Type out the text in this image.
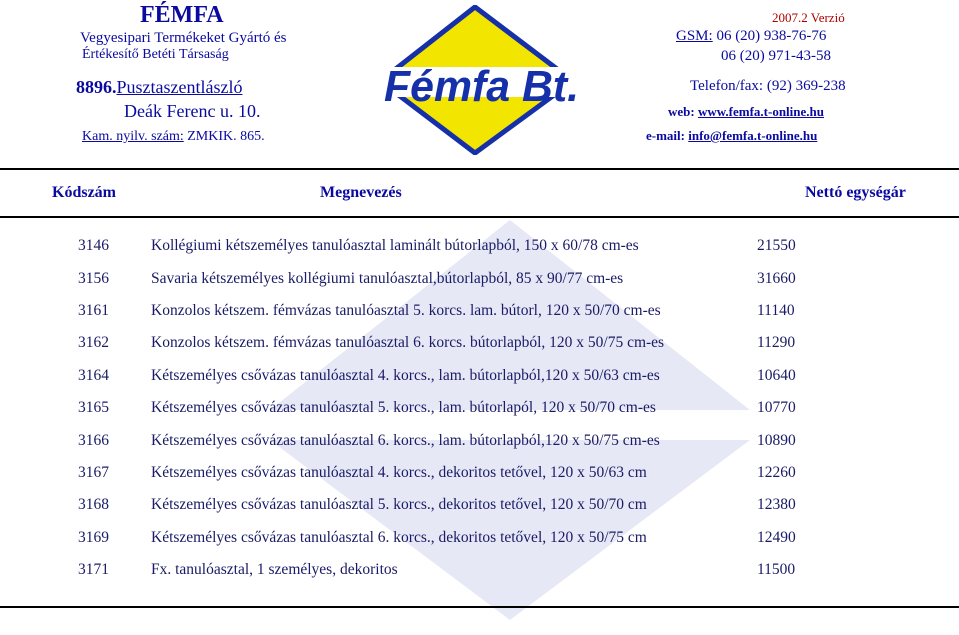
FÉMFA
Vegyesipari Termékeket Gyártó és
Értékesítő Betéti Társaság
8896.Pusztaszentlászló
Deák Ferenc u. 10.
Kam. nyilv. szám: ZMKIK. 865.
Fémfa Bt.
2007.2 Verzió
GSM: 06 (20) 938-76-76
06 (20) 971-43-58
Telefon/fax: (92) 369-238
web: www.femfa.t-online.hu
e-mail: info@femfa.t-online.hu
Kódszám	Megnevezés	Nettó egységár
3146	Kollégiumi kétszemélyes tanulóasztal laminált bútorlapból, 150 x 60/78 cm-es	21550
3156	Savaria kétszemélyes kollégiumi tanulóasztal,bútorlapból, 85 x 90/77 cm-es	31660
3161	Konzolos kétszem. fémvázas tanulóasztal 5. korcs. lam. bútorl, 120 x 50/70 cm-es	11140
3162	Konzolos kétszem. fémvázas tanulóasztal 6. korcs. bútorlapból, 120 x 50/75 cm-es	11290
3164	Kétszemélyes csővázas tanulóasztal 4. korcs., lam. bútorlapból,120 x 50/63 cm-es	10640
3165	Kétszemélyes csővázas tanulóasztal 5. korcs., lam. bútorlapól, 120 x 50/70 cm-es	10770
3166	Kétszemélyes csővázas tanulóasztal 6. korcs., lam. bútorlapból,120 x 50/75 cm-es	10890
3167	Kétszemélyes csővázas tanulóasztal 4. korcs., dekoritos tetővel, 120 x 50/63 cm	12260
3168	Kétszemélyes csővázas tanulóasztal 5. korcs., dekoritos tetővel, 120 x 50/70 cm	12380
3169	Kétszemélyes csővázas tanulóasztal 6. korcs., dekoritos tetővel, 120 x 50/75 cm	12490
3171	Fx. tanulóasztal, 1 személyes, dekoritos	11500
